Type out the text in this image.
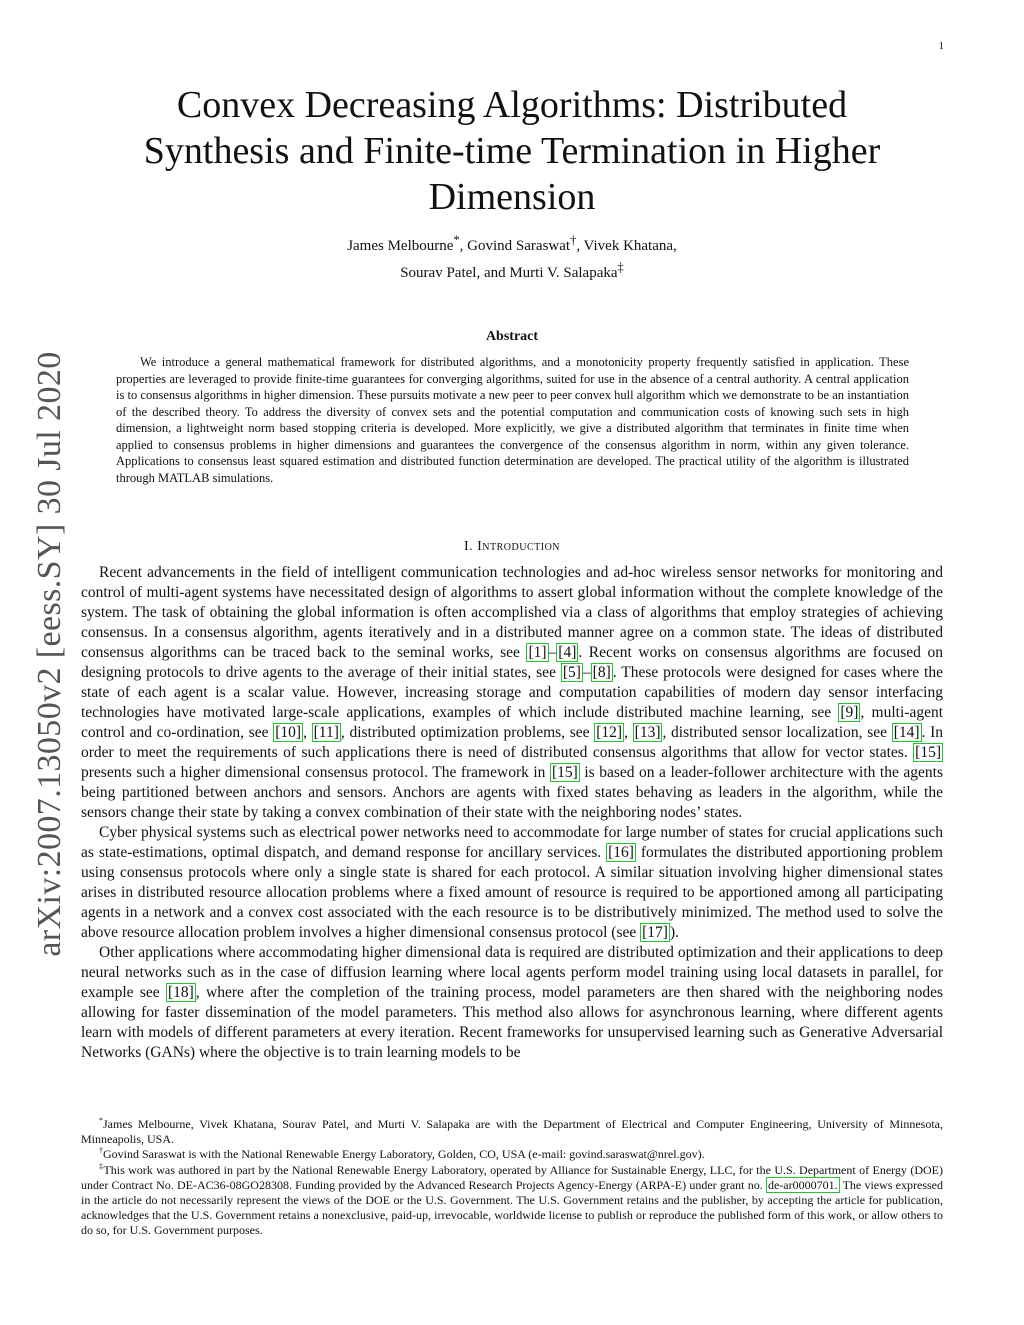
1
arXiv:2007.13050v2 [eess.SY] 30 Jul 2020
Convex Decreasing Algorithms: Distributed Synthesis and Finite-time Termination in Higher Dimension

James Melbourne*, Govind Saraswat†, Vivek Khatana,
Sourav Patel, and Murti V. Salapaka‡

Abstract

We introduce a general mathematical framework for distributed algorithms, and a monotonicity property frequently satisfied in application. These properties are leveraged to provide finite-time guarantees for converging algorithms, suited for use in the absence of a central authority. A central application is to consensus algorithms in higher dimension. These pursuits motivate a new peer to peer convex hull algorithm which we demonstrate to be an instantiation of the described theory. To address the diversity of convex sets and the potential computation and communication costs of knowing such sets in high dimension, a lightweight norm based stopping criteria is developed. More explicitly, we give a distributed algorithm that terminates in finite time when applied to consensus problems in higher dimensions and guarantees the convergence of the consensus algorithm in norm, within any given tolerance. Applications to consensus least squared estimation and distributed function determination are developed. The practical utility of the algorithm is illustrated through MATLAB simulations.

I. Introduction

Recent advancements in the field of intelligent communication technologies and ad-hoc wireless sensor networks for monitoring and control of multi-agent systems have necessitated design of algorithms to assert global information without the complete knowledge of the system. The task of obtaining the global information is often accomplished via a class of algorithms that employ strategies of achieving consensus. In a consensus algorithm, agents iteratively and in a distributed manner agree on a common state. The ideas of distributed consensus algorithms can be traced back to the seminal works, see [1] – [4] . Recent works on consensus algorithms are focused on designing protocols to drive agents to the average of their initial states, see [5] – [8] . These protocols were designed for cases where the state of each agent is a scalar value. However, increasing storage and computation capabilities of modern day sensor interfacing technologies have motivated large-scale applications, examples of which include distributed machine learning, see [9] , multi-agent control and co-ordination, see [10] , [11] , distributed optimization problems, see [12] , [13] , distributed sensor localization, see [14] . In order to meet the requirements of such applications there is need of distributed consensus algorithms that allow for vector states. [15] presents such a higher dimensional consensus protocol. The framework in [15] is based on a leader-follower architecture with the agents being partitioned between anchors and sensors. Anchors are agents with fixed states behaving as leaders in the algorithm, while the sensors change their state by taking a convex combination of their state with the neighboring nodes’ states.

Cyber physical systems such as electrical power networks need to accommodate for large number of states for crucial applications such as state-estimations, optimal dispatch, and demand response for ancillary services. [16] formulates the distributed apportioning problem using consensus protocols where only a single state is shared for each protocol. A similar situation involving higher dimensional states arises in distributed resource allocation problems where a fixed amount of resource is required to be apportioned among all participating agents in a network and a convex cost associated with the each resource is to be distributively minimized. The method used to solve the above resource allocation problem involves a higher dimensional consensus protocol (see [17] ).

Other applications where accommodating higher dimensional data is required are distributed optimization and their applications to deep neural networks such as in the case of diffusion learning where local agents perform model training using local datasets in parallel, for example see [18] , where after the completion of the training process, model parameters are then shared with the neighboring nodes allowing for faster dissemination of the model parameters. This method also allows for asynchronous learning, where different agents learn with models of different parameters at every iteration. Recent frameworks for unsupervised learning such as Generative Adversarial Networks (GANs) where the objective is to train learning models to be

*James Melbourne, Vivek Khatana, Sourav Patel, and Murti V. Salapaka are with the Department of Electrical and Computer Engineering, University of Minnesota, Minneapolis, USA.

†Govind Saraswat is with the National Renewable Energy Laboratory, Golden, CO, USA (e-mail: govind.saraswat@nrel.gov).

‡This work was authored in part by the National Renewable Energy Laboratory, operated by Alliance for Sustainable Energy, LLC, for the U.S. Department of Energy (DOE) under Contract No. DE-AC36-08GO28308. Funding provided by the Advanced Research Projects Agency-Energy (ARPA-E) under grant no. de-ar0000701. The views expressed in the article do not necessarily represent the views of the DOE or the U.S. Government. The U.S. Government retains and the publisher, by accepting the article for publication, acknowledges that the U.S. Government retains a nonexclusive, paid-up, irrevocable, worldwide license to publish or reproduce the published form of this work, or allow others to do so, for U.S. Government purposes.
